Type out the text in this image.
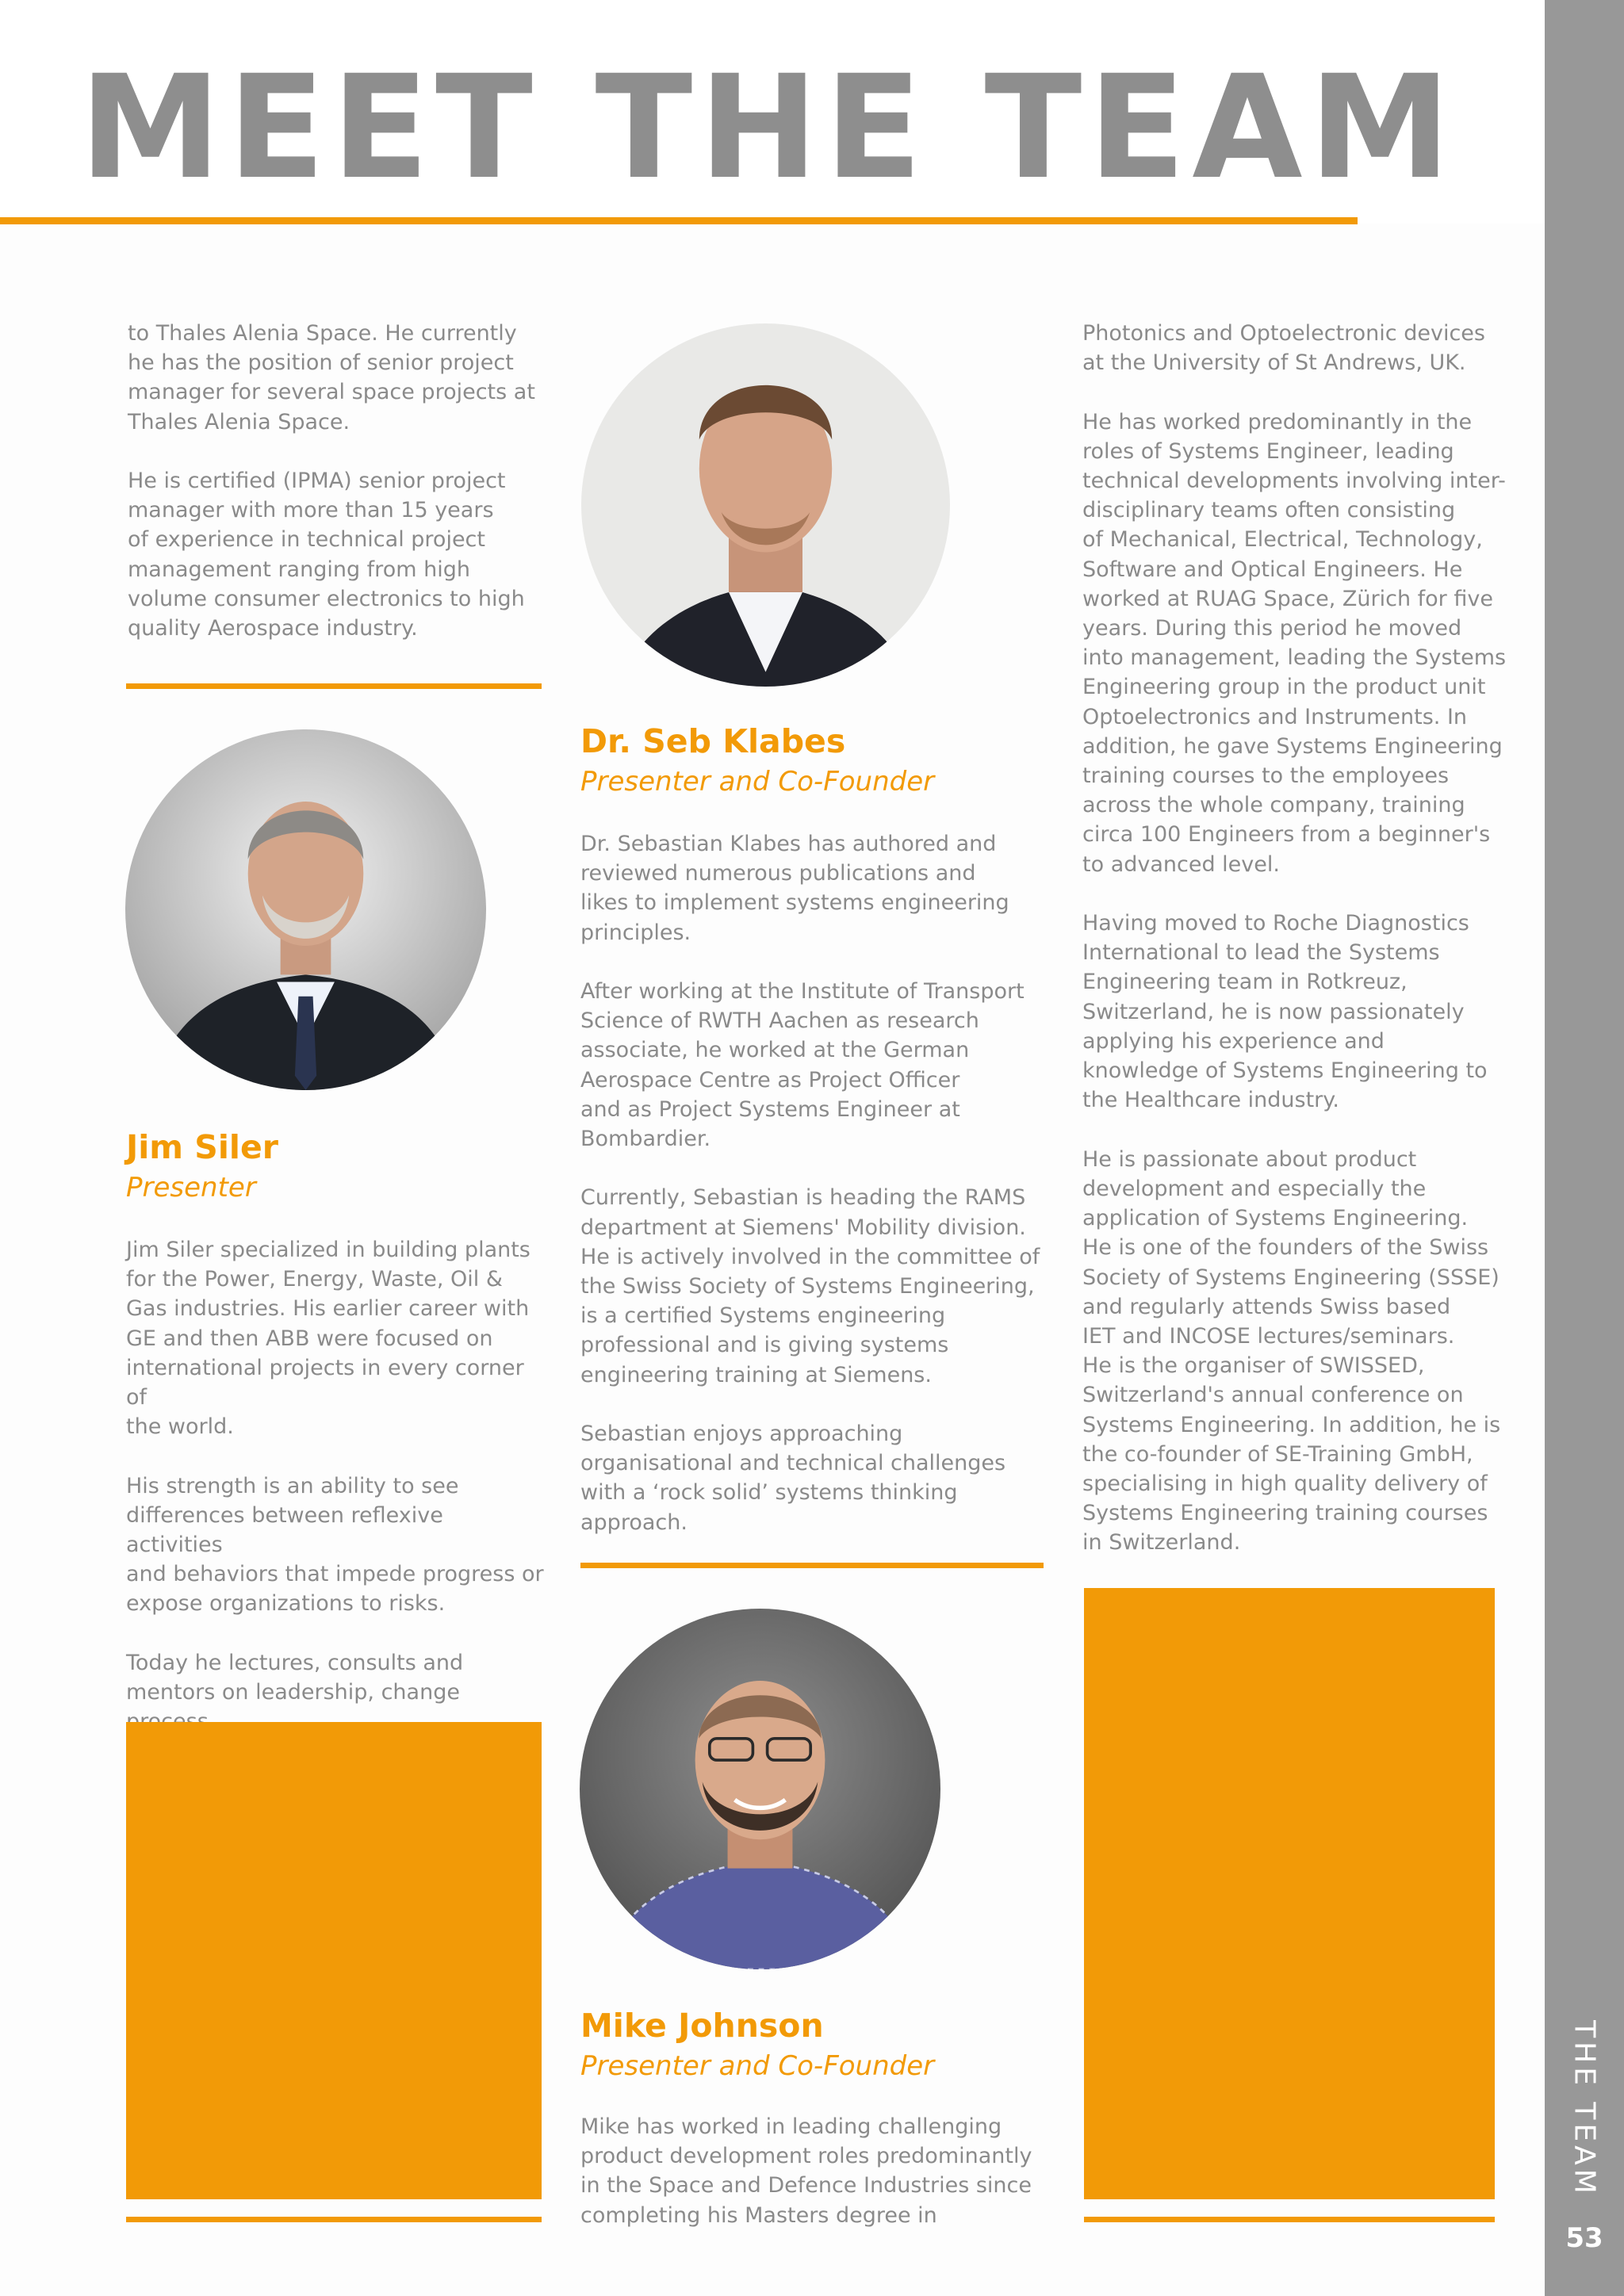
MEET THE TEAM
THE TEAM
53

to Thales Alenia Space. He currently
he has the position of senior project
manager for several space projects at
Thales Alenia Space.

He is certified (IPMA) senior project
manager with more than 15 years
of experience in technical project
management ranging from high
volume consumer electronics to high
quality Aerospace industry.

Jim Siler

Presenter

Jim Siler specialized in building plants
for the Power, Energy, Waste, Oil &
Gas industries. His earlier career with
GE and then ABB were focused on
international projects in every corner of
the world.

His strength is an ability to see
differences between reflexive activities
and behaviors that impede progress or
expose organizations to risks.

Today he lectures, consults and
mentors on leadership, change

Dr. Seb Klabes

Presenter and Co-Founder

Dr. Sebastian Klabes has authored and
reviewed numerous publications and
likes to implement systems engineering
principles.

After working at the Institute of Transport
Science of RWTH Aachen as research
associate, he worked at the German
Aerospace Centre as Project Officer
and as Project Systems Engineer at
Bombardier.

Currently, Sebastian is heading the RAMS
department at Siemens' Mobility division.
He is actively involved in the committee of
the Swiss Society of Systems Engineering,
is a certified Systems engineering
professional and is giving systems
engineering training at Siemens.

Sebastian enjoys approaching
organisational and technical challenges
with a ‘rock solid’ systems thinking
approach.

Mike Johnson

Presenter and Co-Founder

Mike has worked in leading challenging
product development roles predominantly
in the Space and Defence Industries since
completing his Masters degree in

Photonics and Optoelectronic devices
at the University of St Andrews, UK.

He has worked predominantly in the
roles of Systems Engineer, leading
technical developments involving inter-
disciplinary teams often consisting
of Mechanical, Electrical, Technology,
Software and Optical Engineers. He
worked at RUAG Space, Zürich for five
years. During this period he moved
into management, leading the Systems
Engineering group in the product unit
Optoelectronics and Instruments. In
addition, he gave Systems Engineering
training courses to the employees
across the whole company, training
circa 100 Engineers from a beginner's
to advanced level.

Having moved to Roche Diagnostics
International to lead the Systems
Engineering team in Rotkreuz,
Switzerland, he is now passionately
applying his experience and
knowledge of Systems Engineering to
the Healthcare industry.

He is passionate about product
development and especially the
application of Systems Engineering.
He is one of the founders of the Swiss
Society of Systems Engineering (SSSE)
and regularly attends Swiss based
IET and INCOSE lectures/seminars.
He is the organiser of SWISSED,
Switzerland's annual conference on
Systems Engineering. In addition, he is
the co-founder of SE-Training GmbH,
specialising in high quality delivery of
Systems Engineering training courses
in Switzerland.
